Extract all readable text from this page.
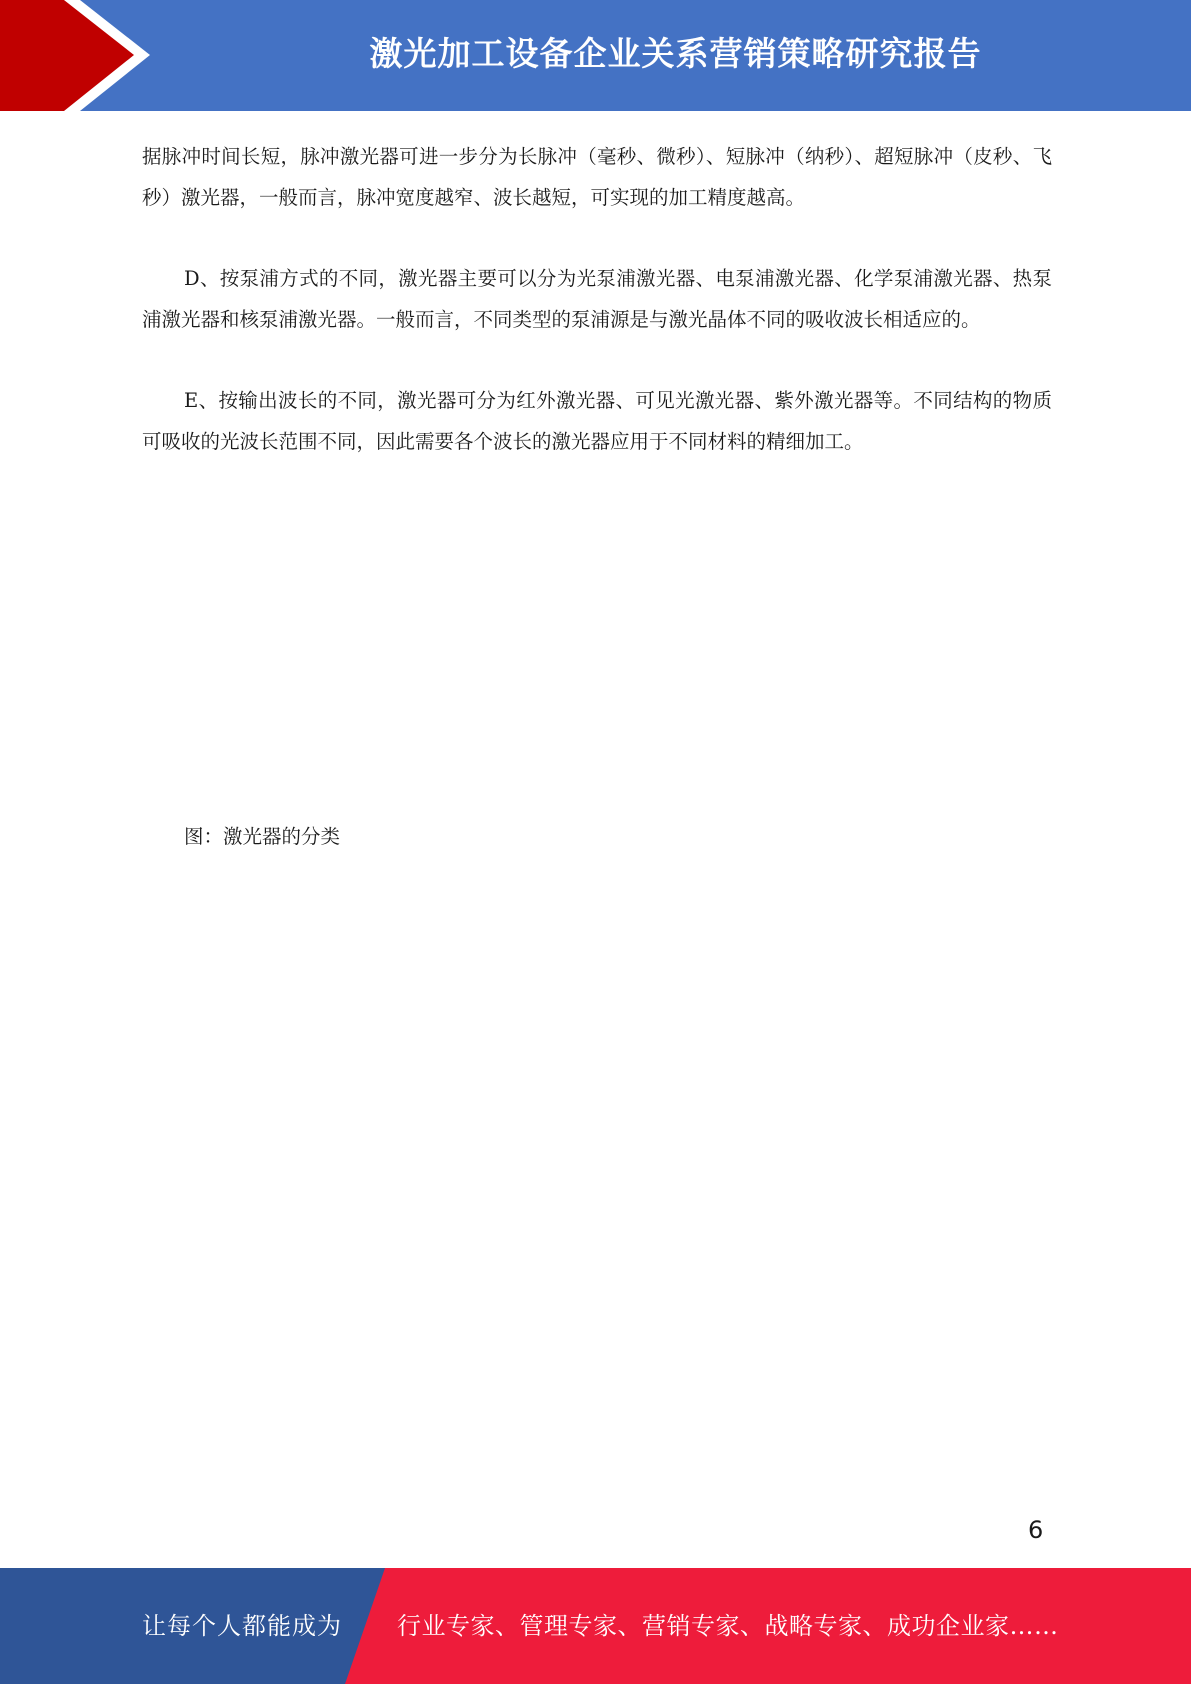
激光加工设备企业关系营销策略研究报告

据脉冲时间长短，脉冲激光器可进一步分为长脉冲（毫秒、微秒）、短脉冲（纳秒）、超短脉冲（皮秒、飞秒）激光器，一般而言，脉冲宽度越窄、波长越短，可实现的加工精度越高。

D、按泵浦方式的不同，激光器主要可以分为光泵浦激光器、电泵浦激光器、化学泵浦激光器、热泵浦激光器和核泵浦激光器。一般而言，不同类型的泵浦源是与激光晶体不同的吸收波长相适应的。

E、按输出波长的不同，激光器可分为红外激光器、可见光激光器、紫外激光器等。不同结构的物质可吸收的光波长范围不同，因此需要各个波长的激光器应用于不同材料的精细加工。

图：激光器的分类
6
让每个人都能成为 行业专家、管理专家、营销专家、战略专家、成功企业家……
